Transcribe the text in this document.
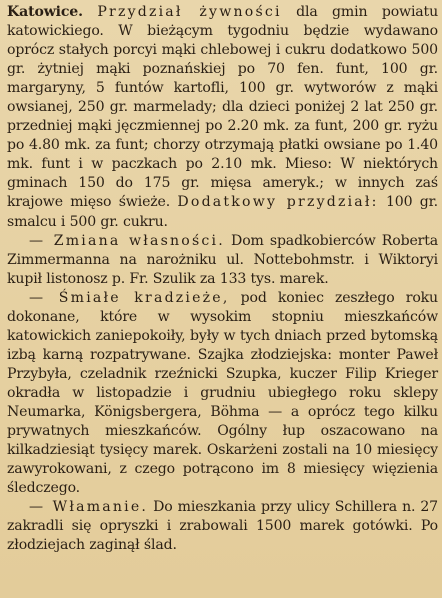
Katowice. Przydział żywności dla gmin powiatu katowickiego. W bieżącym tygodniu będzie wydawano oprócz stałych porcyi mąki chlebowej i cukru dodatkowo 500 gr. żytniej mąki poznańskiej po 70 fen. funt, 100 gr. margaryny, 5 funtów kartofli, 100 gr. wytworów z mąki owsianej, 250 gr. marmelady; dla dzieci poniżej 2 lat 250 gr. przedniej mąki jęczmiennej po 2.20 mk. za funt, 200 gr. ryżu po 4.80 mk. za funt; chorzy otrzymają płatki owsiane po 1.40 mk. funt i w paczkach po 2.10 mk. Mieso: W niektórych gminach 150 do 175 gr. mięsa ameryk.; w innych zaś krajowe mięso świeże. Dodatkowy przydział: 100 gr. smalcu i 500 gr. cukru.

— Zmiana własności. Dom spadkobierców Roberta Zimmermanna na narożniku ul. Nottebohmstr. i Wiktoryi kupił listonosz p. Fr. Szulik za 133 tys. marek.

— Śmiałe kradzieże, pod koniec zeszłego roku dokonane, które w wysokim stopniu mieszkańców katowickich zaniepokoiły, były w tych dniach przed bytomską izbą karną rozpatrywane. Szajka złodziejska: monter Paweł Przybyła, czeladnik rzeźnicki Szupka, kuczer Filip Krieger okradła w listopadzie i grudniu ubiegłego roku sklepy Neumarka, Königsbergera, Böhma — a oprócz tego kilku prywatnych mieszkańców. Ogólny łup oszacowano na kilkadziesiąt tysięcy marek. Oskarżeni zostali na 10 miesięcy zawyrokowani, z czego potrącono im 8 miesięcy więzienia śledczego.

— Włamanie. Do mieszkania przy ulicy Schillera n. 27 zakradli się opryszki i zrabowali 1500 marek gotówki. Po złodziejach zaginął ślad.
